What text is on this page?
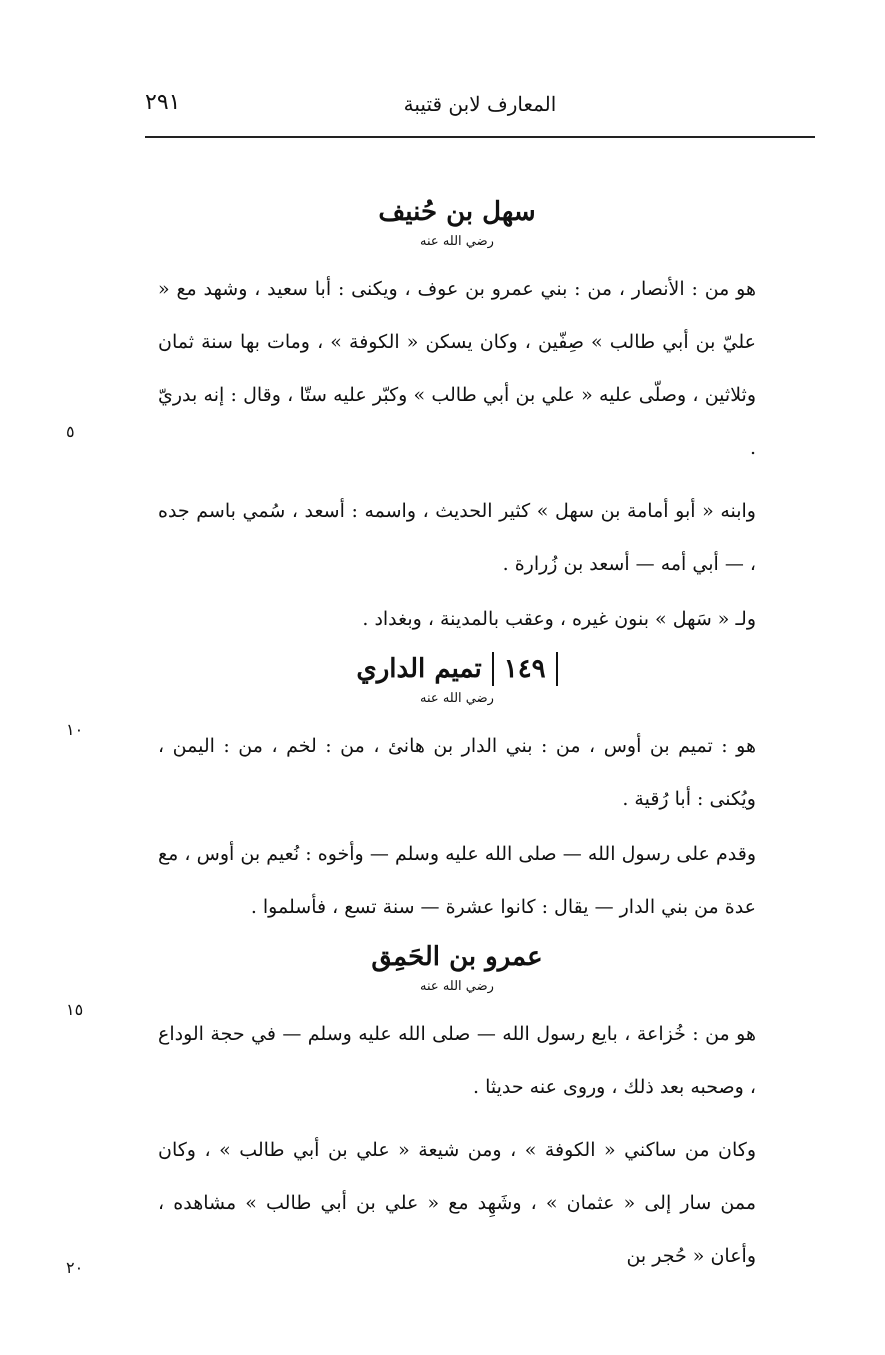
المعارف لابن قتيبة
٢٩١
٥
١٠
١٥
٢٠
سهل بن حُنيف
رضي الله عنه

هو من : الأنصار ، من : بني عمرو بن عوف ، ويكنى : أبا سعيد ، وشهد مع « عليّ بن أبي طالب » صِفّين ، وكان يسكن « الكوفة » ، ومات بها سنة ثمان وثلاثين ، وصلّى عليه « علي بن أبي طالب » وكبّر عليه ستّا ، وقال : إنه بدريّ .

وابنه « أبو أمامة بن سهل » كثير الحديث ، واسمه : أسعد ، سُمي باسم جده ، — أبي أمه — أسعد بن زُرارة .

ولـ « سَهل » بنون غيره ، وعقب بالمدينة ، وبغداد .

١٤٩تميم الداري
رضي الله عنه

هو : تميم بن أوس ، من : بني الدار بن هانئ ، من : لخم ، من : اليمن ، ويُكنى : أبا رُقية .

وقدم على رسول الله — صلى الله عليه وسلم — وأخوه : نُعيم بن أوس ، مع عدة من بني الدار — يقال : كانوا عشرة — سنة تسع ، فأسلموا .

عمرو بن الحَمِق
رضي الله عنه

هو من : خُزاعة ، بايع رسول الله — صلى الله عليه وسلم — في حجة الوداع ، وصحبه بعد ذلك ، وروى عنه حديثا .

وكان من ساكني « الكوفة » ، ومن شيعة « علي بن أبي طالب » ، وكان ممن سار إلى « عثمان » ، وشَهِد مع « علي بن أبي طالب » مشاهده ، وأعان « حُجر بن
